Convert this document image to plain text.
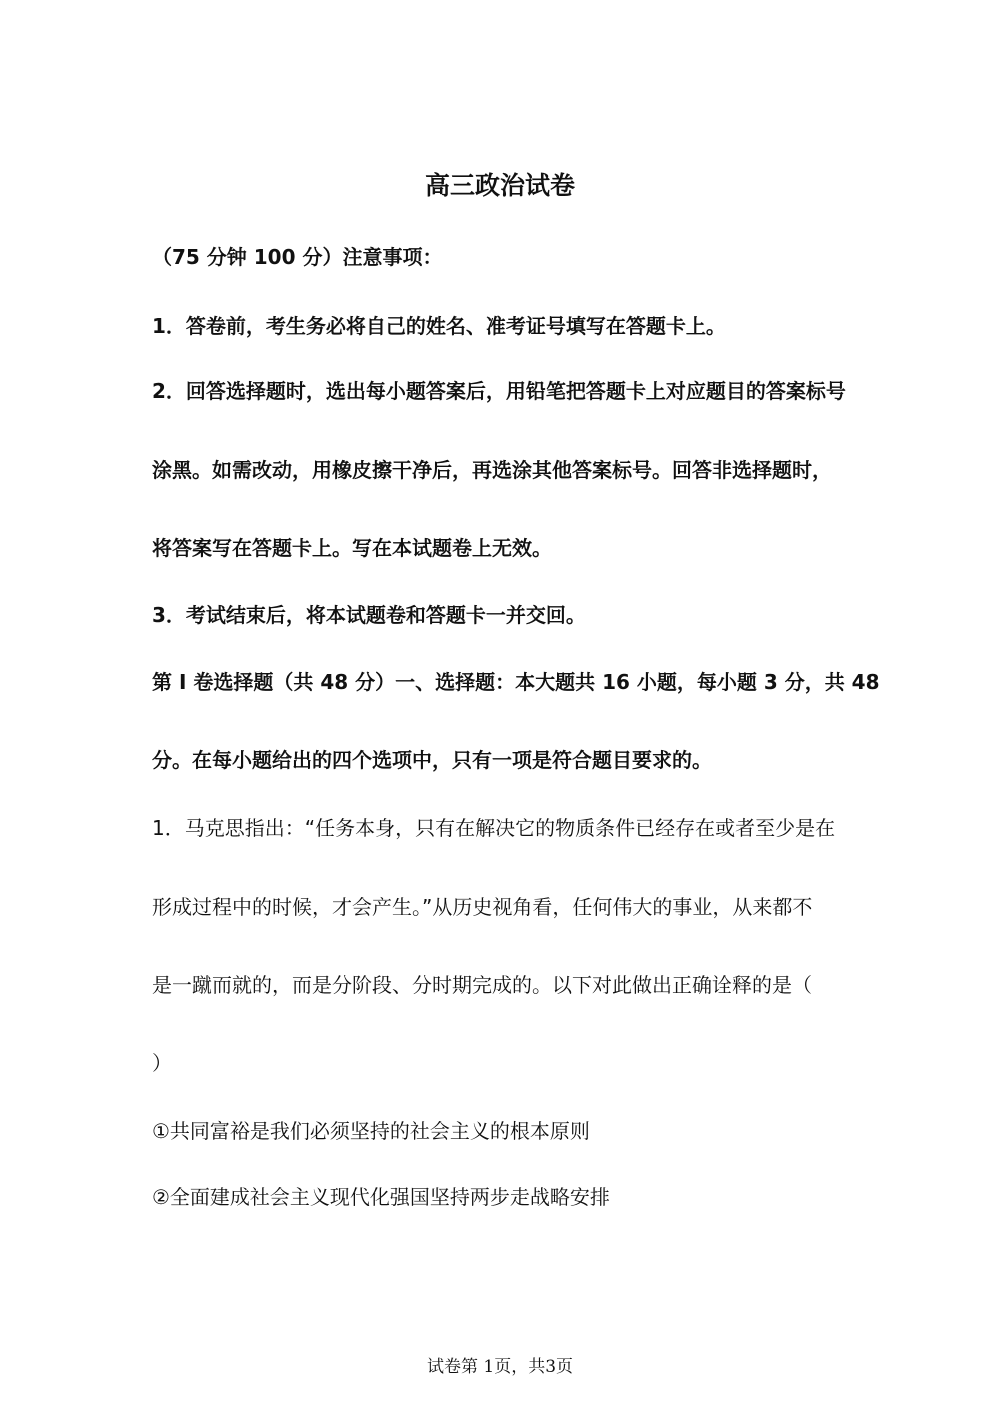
高三政治试卷
（75 分钟 100 分）注意事项：
1．答卷前，考生务必将自己的姓名、准考证号填写在答题卡上。
2．回答选择题时，选出每小题答案后，用铅笔把答题卡上对应题目的答案标号
涂黑。如需改动，用橡皮擦干净后，再选涂其他答案标号。回答非选择题时，
将答案写在答题卡上。写在本试题卷上无效。
3．考试结束后，将本试题卷和答题卡一并交回。
第 I 卷选择题（共 48 分）一、选择题：本大题共 16 小题，每小题 3 分，共 48
分。在每小题给出的四个选项中，只有一项是符合题目要求的。
1．马克思指出：“任务本身，只有在解决它的物质条件已经存在或者至少是在
形成过程中的时候，才会产生。”从历史视角看，任何伟大的事业，从来都不
是一蹴而就的，而是分阶段、分时期完成的。以下对此做出正确诠释的是（
）
①共同富裕是我们必须坚持的社会主义的根本原则
②全面建成社会主义现代化强国坚持两步走战略安排
试卷第 1页，共3页
